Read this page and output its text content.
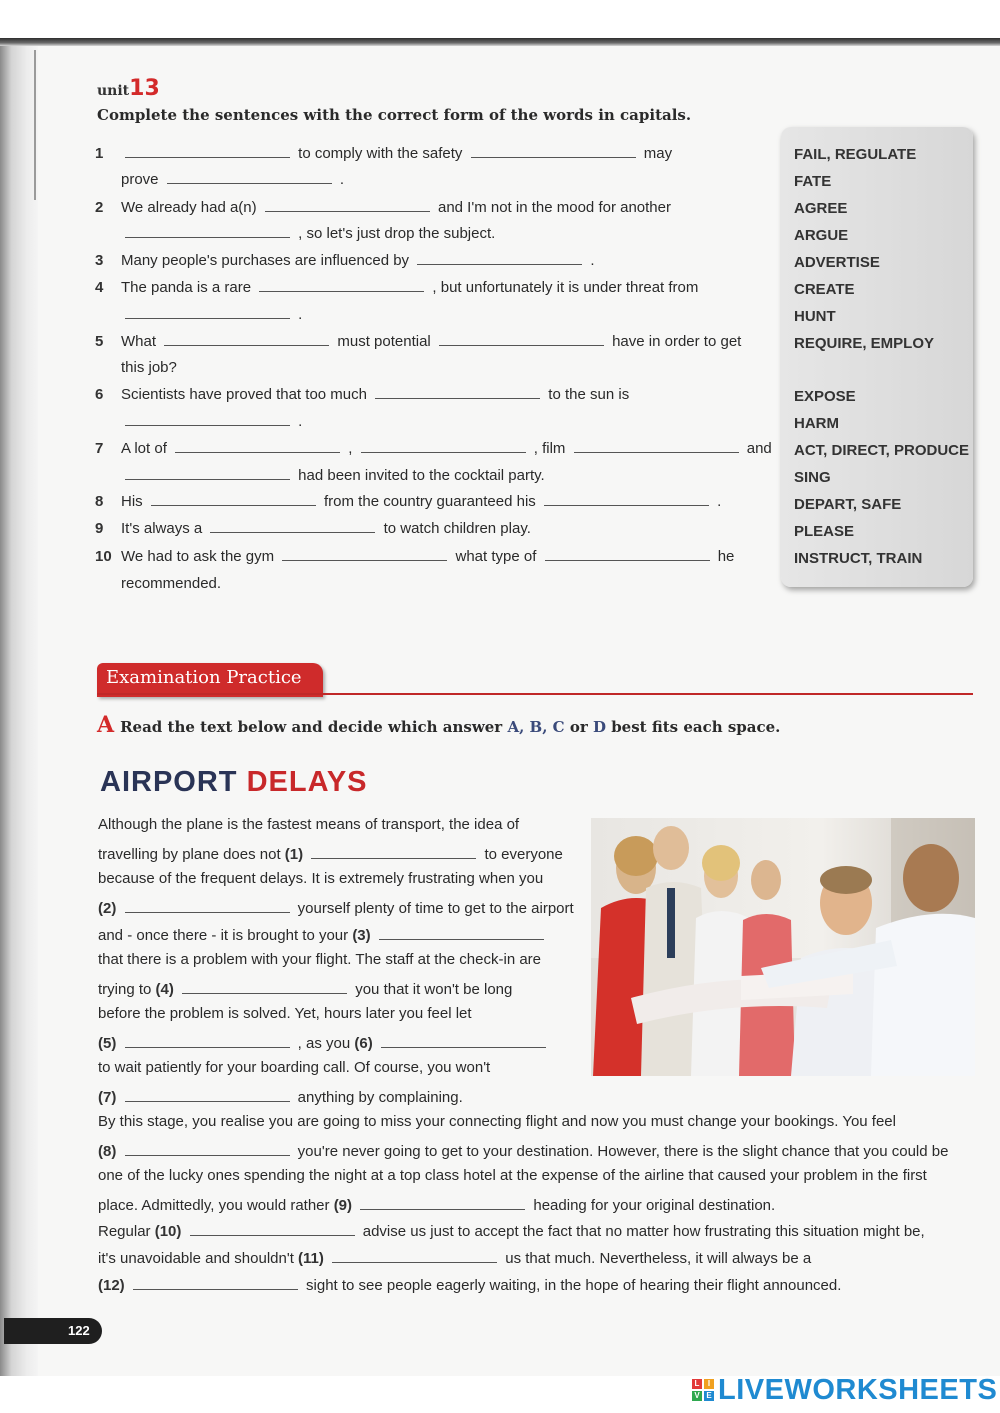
unit13
Complete the sentences with the correct form of the words in capitals.
1	to comply with the safety	may
prove	.
2 We already had a(n)	and I'm not in the mood for another
, so let's just drop the subject.
3 Many people's purchases are influenced by	.
4 The panda is a rare	, but unfortunately it is under threat from
.
5 What	must potential	have in order to get
this job?
6 Scientists have proved that too much	to the sun is
.
7 A lot of	,	, film	and
had been invited to the cocktail party.
8 His	from the country guaranteed his	.
9 It's always a	to watch children play.
10 We had to ask the gym	what type of	he
recommended.
FAIL, REGULATE
FATE
AGREE
ARGUE
ADVERTISE
CREATE
HUNT
REQUIRE, EMPLOY
EXPOSE
HARM
ACT, DIRECT, PRODUCE
SING
DEPART, SAFE
PLEASE
INSTRUCT, TRAIN
Examination Practice
A Read the text below and decide which answer A, B, C or D best fits each space.
AIRPORT DELAYS
Although the plane is the fastest means of transport, the idea of
travelling by plane does not (1)	to everyone
because of the frequent delays. It is extremely frustrating when you
(2)	yourself plenty of time to get to the airport
and - once there - it is brought to your (3)
that there is a problem with your flight. The staff at the check-in are
trying to (4)	you that it won't be long
before the problem is solved. Yet, hours later you feel let
(5)	, as you (6)
to wait patiently for your boarding call. Of course, you won't
(7)	anything by complaining.
By this stage, you realise you are going to miss your connecting flight and now you must change your bookings. You feel
(8)	you're never going to get to your destination. However, there is the slight chance that you could be
one of the lucky ones spending the night at a top class hotel at the expense of the airline that caused your problem in the first
place. Admittedly, you would rather (9)	heading for your original destination.
Regular (10)	advise us just to accept the fact that no matter how frustrating this situation might be,
it's unavoidable and shouldn't (11)	us that much. Nevertheless, it will always be a
(12)	sight to see people eagerly waiting, in the hope of hearing their flight announced.
122
L	I
V E LIVEWORKSHEETS
